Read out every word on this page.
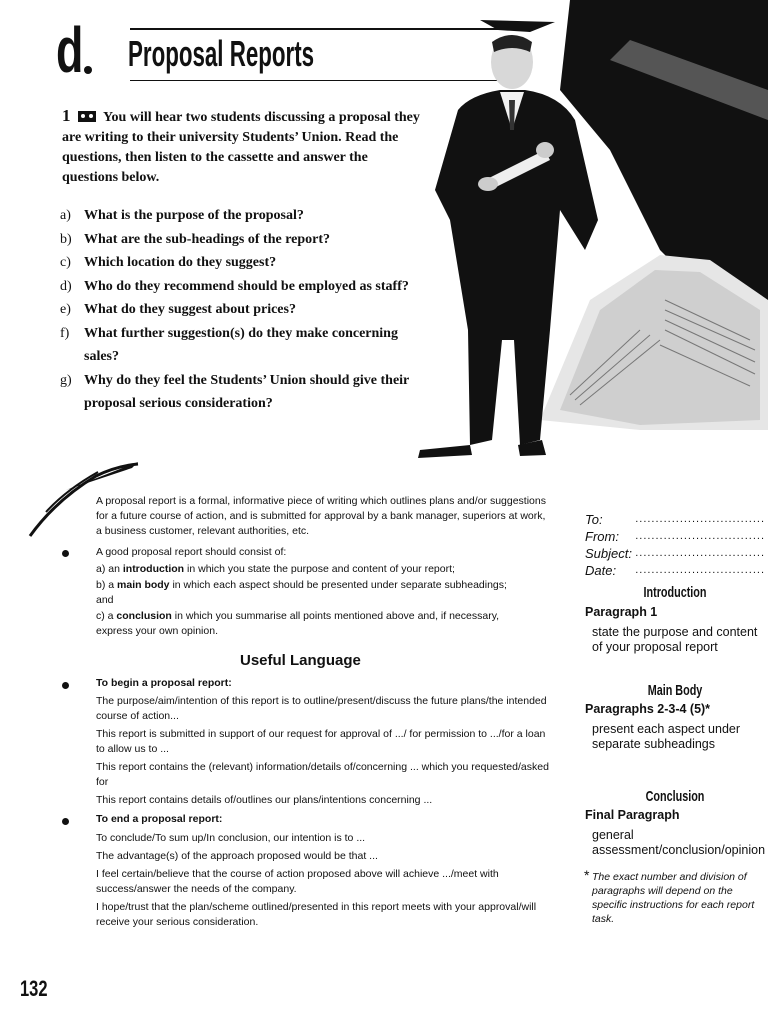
d Proposal Reports
1 You will hear two students discussing a proposal they are writing to their university Students’ Union. Read the questions, then listen to the cassette and answer the questions below.
a) What is the purpose of the proposal?
b) What are the sub-headings of the report?
c) Which location do they suggest?
d) Who do they recommend should be employed as staff?
e) What do they suggest about prices?
f)	What further suggestion(s) do they make concerning sales?
g) Why do they feel the Students’ Union should give their proposal serious consideration?
A proposal report is a formal, informative piece of writing which outlines plans and/or suggestions for a future course of action, and is submitted for approval by a bank manager, superiors at work, a business customer, relevant authorities, etc.
A good proposal report should consist of:
a) an introduction in which you state the purpose and content of your report;
b) a main body in which each aspect should be presented under separate subheadings; and
c) a conclusion in which you summarise all points mentioned above and, if necessary, express your own opinion.
Useful Language
To begin a proposal report:

The purpose/aim/intention of this report is to outline/present/discuss the future plans/the intended course of action...

This report is submitted in support of our request for approval of .../ for permission to .../for a loan to allow us to ...

This report contains the (relevant) information/details of/concerning ... which you requested/asked for

This report contains details of/outlines our plans/intentions concerning ...

To end a proposal report:

To conclude/To sum up/In conclusion, our intention is to ...

The advantage(s) of the approach proposed would be that ...

I feel certain/believe that the course of action proposed above will achieve .../meet with success/answer the needs of the company.

I hope/trust that the plan/scheme outlined/presented in this report meets with your approval/will receive your serious consideration.

To:	................................
From:	................................
Subject: ................................
Date:	................................
Introduction
Paragraph 1
state the purpose and content of your proposal report
Main Body
Paragraphs 2-3-4 (5)*
present each aspect under separate subheadings
Conclusion
Final Paragraph
general assessment/conclusion/opinion
* The exact number and division of paragraphs will depend on the specific instructions for each report task.
132
